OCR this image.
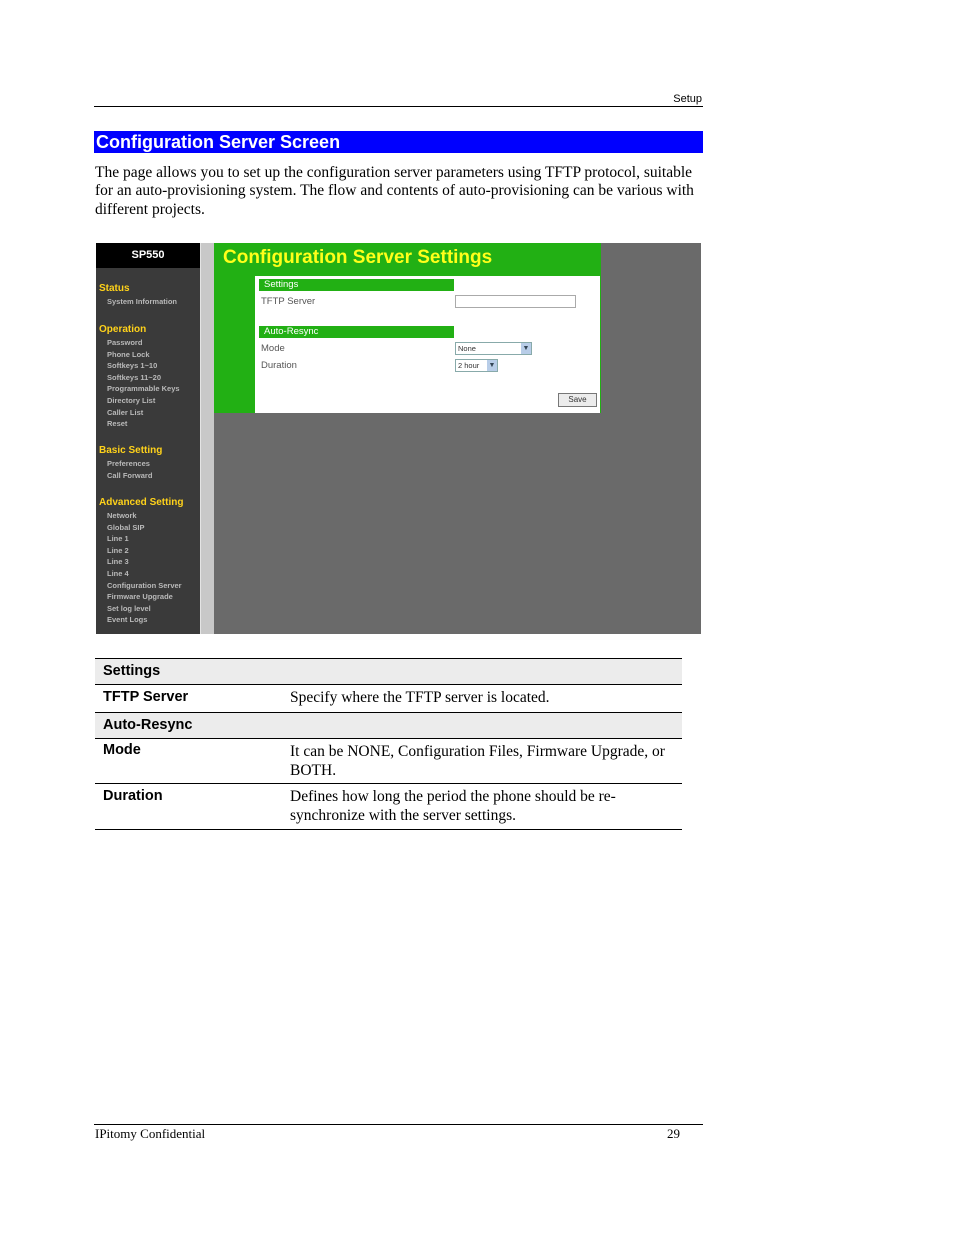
Setup
Configuration Server Screen
The page allows you to set up the configuration server parameters using TFTP protocol, suitable for an auto-provisioning system. The flow and contents of auto-provisioning can be various with different projects.
SP550
Status
System Information
Operation
Password
Phone Lock
Softkeys 1~10
Softkeys 11~20
Programmable Keys
Directory List
Caller List
Reset
Basic Setting
Preferences
Call Forward
Advanced Setting
Network
Global SIP
Line 1
Line 2
Line 3
Line 4
Configuration Server
Firmware Upgrade
Set log level
Event Logs
Configuration Server Settings
Settings
TFTP Server
Auto-Resync
Mode	None	▼
Duration	2 hour ▼
Save
Settings
TFTP Server	Specify where the TFTP server is located.
Auto-Resync
Mode	It can be NONE, Configuration Files, Firmware Upgrade, or BOTH.
Duration	Defines how long the period the phone should be re-synchronize with the server settings.
IPitomy Confidential	29
